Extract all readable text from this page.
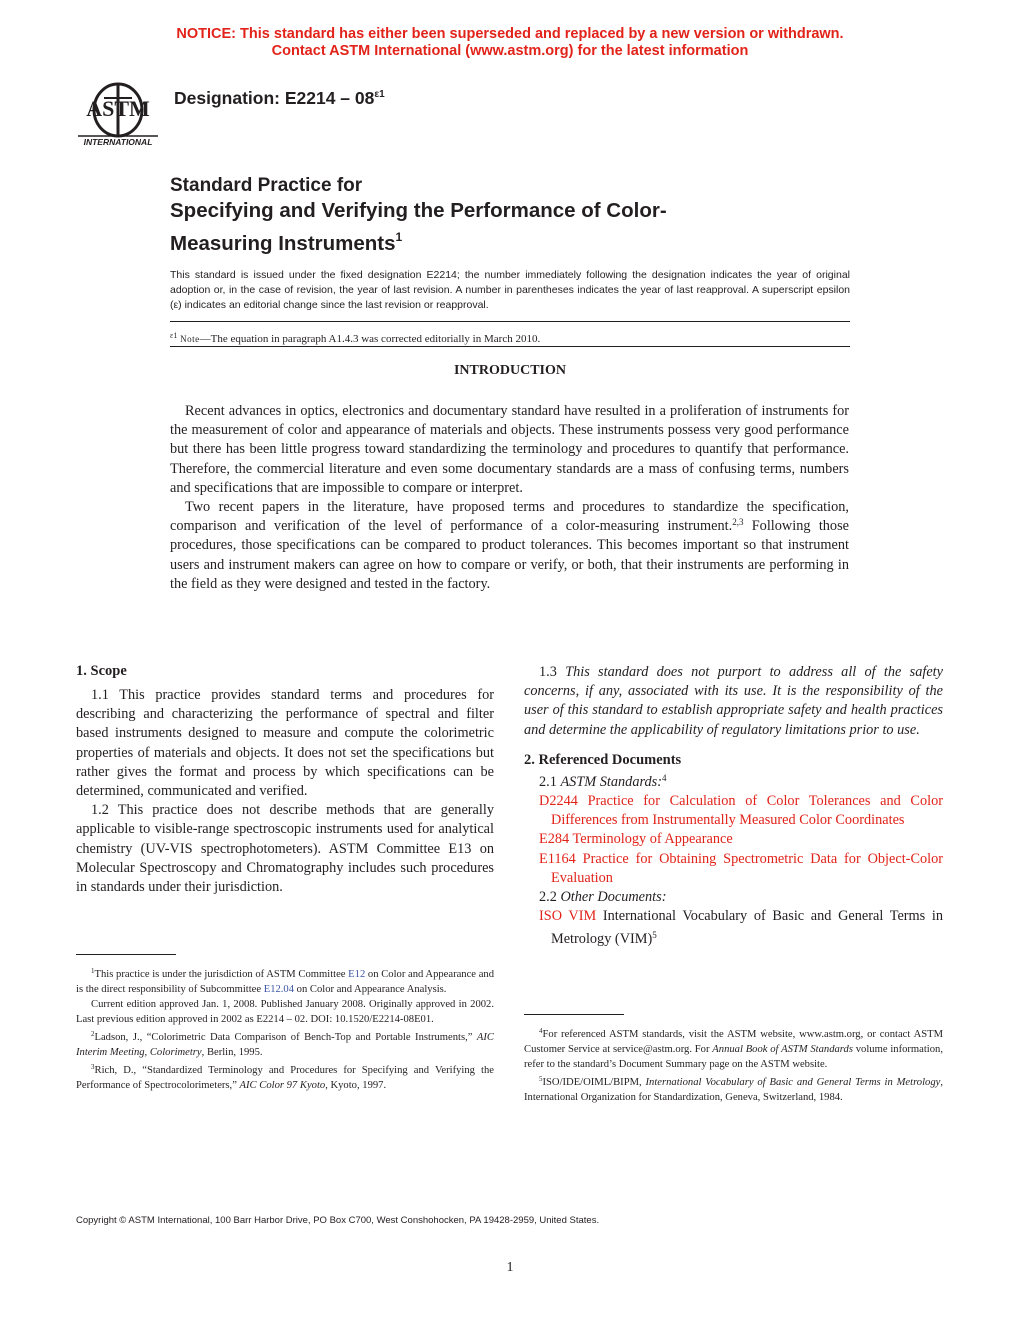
NOTICE: This standard has either been superseded and replaced by a new version or withdrawn.
Contact ASTM International (www.astm.org) for the latest information
ASTM
INTERNATIONAL
Designation: $E2214 - 08^{\varepsilon 1}$
Standard Practice for
Specifying and Verifying the Performance of Color-
Measuring Instruments$^1$
This standard is issued under the fixed designation E2214; the number immediately following the designation indicates the year of original adoption or, in the case of revision, the year of last revision. A number in parentheses indicates the year of last reapproval. A superscript epsilon (ε) indicates an editorial change since the last revision or reapproval.
$^{\varepsilon 1}$ Note—The equation in paragraph A1.4.3 was corrected editorially in March 2010.
INTRODUCTION

Recent advances in optics, electronics and documentary standard have resulted in a proliferation of instruments for the measurement of color and appearance of materials and objects. These instruments possess very good performance but there has been little progress toward standardizing the terminology and procedures to quantify that performance. Therefore, the commercial literature and even some documentary standards are a mass of confusing terms, numbers and specifications that are impossible to compare or interpret.

Two recent papers in the literature, have proposed terms and procedures to standardize the specification, comparison and verification of the level of performance of a color-measuring instrument.$^{2,3}$ Following those procedures, those specifications can be compared to product tolerances. This becomes important so that instrument users and instrument makers can agree on how to compare or verify, or both, that their instruments are performing in the field as they were designed and tested in the factory.

1. Scope

1.1 This practice provides standard terms and procedures for describing and characterizing the performance of spectral and filter based instruments designed to measure and compute the colorimetric properties of materials and objects. It does not set the specifications but rather gives the format and process by which specifications can be determined, communicated and verified.

1.2 This practice does not describe methods that are generally applicable to visible-range spectroscopic instruments used for analytical chemistry (UV-VIS spectrophotometers). ASTM Committee E13 on Molecular Spectroscopy and Chromatography includes such procedures in standards under their jurisdiction.

$^1$This practice is under the jurisdiction of ASTM Committee E12 on Color and Appearance and is the direct responsibility of Subcommittee E12.04 on Color and Appearance Analysis.

Current edition approved Jan. 1, 2008. Published January 2008. Originally approved in 2002. Last previous edition approved in 2002 as E2214 – 02. DOI: 10.1520/E2214-08E01.

$^2$Ladson, J., “Colorimetric Data Comparison of Bench-Top and Portable Instruments,” AIC Interim Meeting, Colorimetry, Berlin, 1995.

$^3$Rich, D., “Standardized Terminology and Procedures for Specifying and Verifying the Performance of Spectrocolorimeters,” AIC Color 97 Kyoto, Kyoto, 1997.

1.3 This standard does not purport to address all of the safety concerns, if any, associated with its use. It is the responsibility of the user of this standard to establish appropriate safety and health practices and determine the applicability of regulatory limitations prior to use.

2. Referenced Documents

2.1 ASTM Standards:$^4$

D2244 Practice for Calculation of Color Tolerances and Color Differences from Instrumentally Measured Color Coordinates

E284 Terminology of Appearance

E1164 Practice for Obtaining Spectrometric Data for Object-Color Evaluation

2.2 Other Documents:

ISO VIM International Vocabulary of Basic and General Terms in Metrology (VIM)$^5$

$^4$For referenced ASTM standards, visit the ASTM website, www.astm.org, or contact ASTM Customer Service at service@astm.org. For Annual Book of ASTM Standards volume information, refer to the standard’s Document Summary page on the ASTM website.

$^5$ISO/IDE/OIML/BIPM, International Vocabulary of Basic and General Terms in Metrology, International Organization for Standardization, Geneva, Switzerland, 1984.

Copyright © ASTM International, 100 Barr Harbor Drive, PO Box C700, West Conshohocken, PA 19428-2959, United States.
1
